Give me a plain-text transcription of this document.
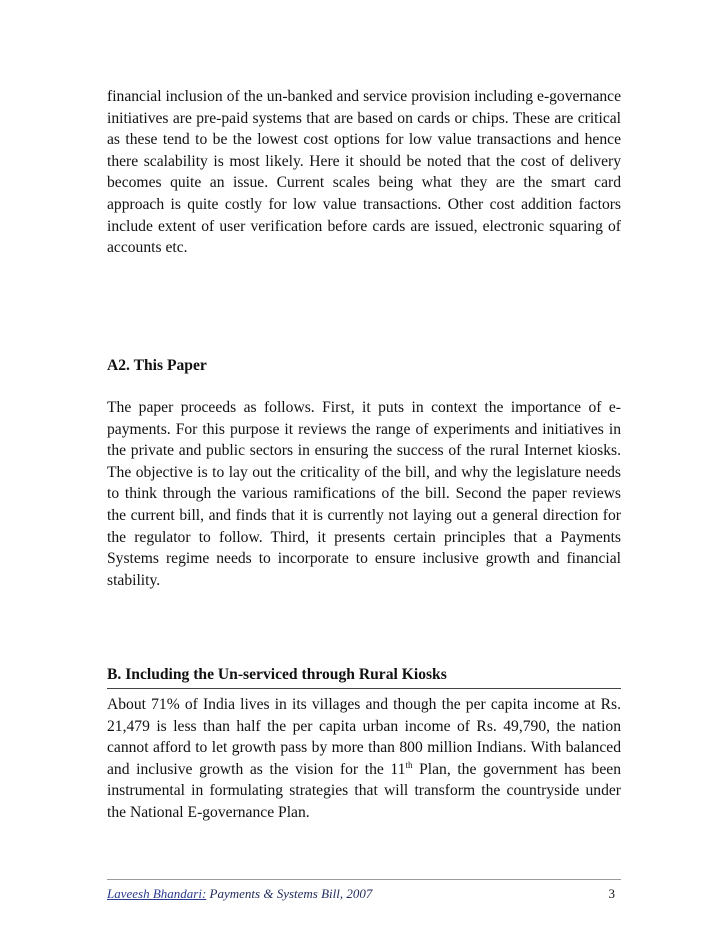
financial inclusion of the un-banked and service provision including e-governance initiatives are pre-paid systems that are based on cards or chips. These are critical as these tend to be the lowest cost options for low value transactions and hence there scalability is most likely. Here it should be noted that the cost of delivery becomes quite an issue. Current scales being what they are the smart card approach is quite costly for low value transactions. Other cost addition factors include extent of user verification before cards are issued, electronic squaring of accounts etc.

A2. This Paper

The paper proceeds as follows. First, it puts in context the importance of e-payments. For this purpose it reviews the range of experiments and initiatives in the private and public sectors in ensuring the success of the rural Internet kiosks. The objective is to lay out the criticality of the bill, and why the legislature needs to think through the various ramifications of the bill. Second the paper reviews the current bill, and finds that it is currently not laying out a general direction for the regulator to follow. Third, it presents certain principles that a Payments Systems regime needs to incorporate to ensure inclusive growth and financial stability.

B. Including the Un-serviced through Rural Kiosks

About 71% of India lives in its villages and though the per capita income at Rs. 21,479 is less than half the per capita urban income of Rs. 49,790, the nation cannot afford to let growth pass by more than 800 million Indians. With balanced and inclusive growth as the vision for the 11th Plan, the government has been instrumental in formulating strategies that will transform the countryside under the National E-governance Plan.

Laveesh Bhandari: Payments & Systems Bill, 2007	3
